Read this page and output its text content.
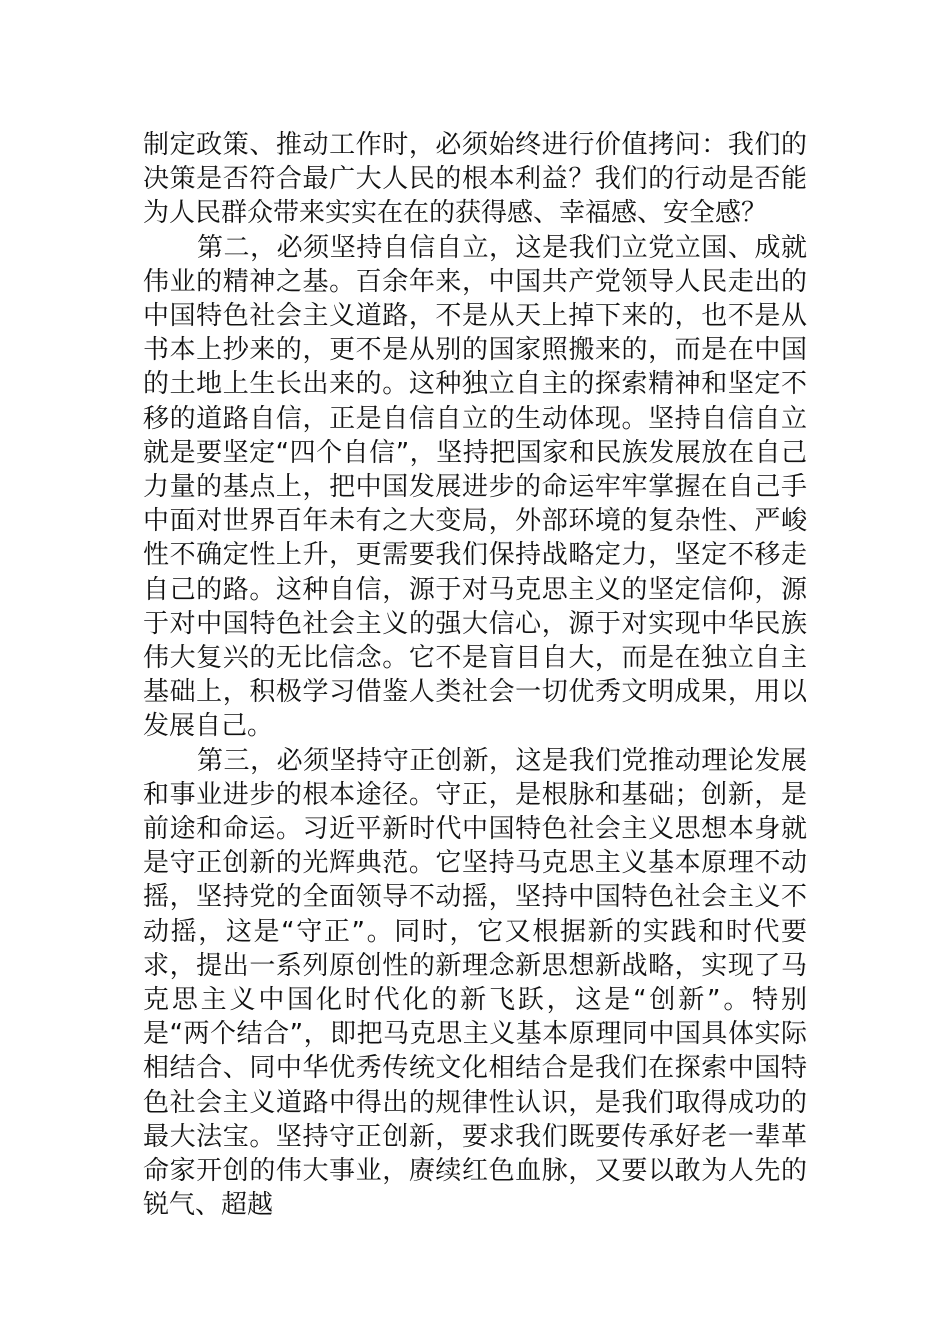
制定政策、推动工作时，必须始终进行价值拷问：我们的决策是否符合最广大人民的根本利益？我们的行动是否能为人民群众带来实实在在的获得感、幸福感、安全感？

第二，必须坚持自信自立，这是我们立党立国、成就伟业的精神之基。百余年来，中国共产党领导人民走出的中国特色社会主义道路，不是从天上掉下来的，也不是从书本上抄来的，更不是从别的国家照搬来的，而是在中国的土地上生长出来的。这种独立自主的探索精神和坚定不移的道路自信，正是自信自立的生动体现。坚持自信自立就是要坚定“四个自信”，坚持把国家和民族发展放在自己力量的基点上，把中国发展进步的命运牢牢掌握在自己手中面对世界百年未有之大变局，外部环境的复杂性、严峻性不确定性上升，更需要我们保持战略定力，坚定不移走自己的路。这种自信，源于对马克思主义的坚定信仰，源于对中国特色社会主义的强大信心，源于对实现中华民族伟大复兴的无比信念。它不是盲目自大，而是在独立自主基础上，积极学习借鉴人类社会一切优秀文明成果，用以发展自己。

第三，必须坚持守正创新，这是我们党推动理论发展和事业进步的根本途径。守正，是根脉和基础；创新，是前途和命运。习近平新时代中国特色社会主义思想本身就是守正创新的光辉典范。它坚持马克思主义基本原理不动摇，坚持党的全面领导不动摇，坚持中国特色社会主义不动摇，这是“守正”。同时，它又根据新的实践和时代要求，提出一系列原创性的新理念新思想新战略，实现了马克思主义中国化时代化的新飞跃，这是“创新”。特别是“两个结合”，即把马克思主义基本原理同中国具体实际相结合、同中华优秀传统文化相结合是我们在探索中国特色社会主义道路中得出的规律性认识，是我们取得成功的最大法宝。坚持守正创新，要求我们既要传承好老一辈革命家开创的伟大事业，赓续红色血脉，又要以敢为人先的锐气、超越
